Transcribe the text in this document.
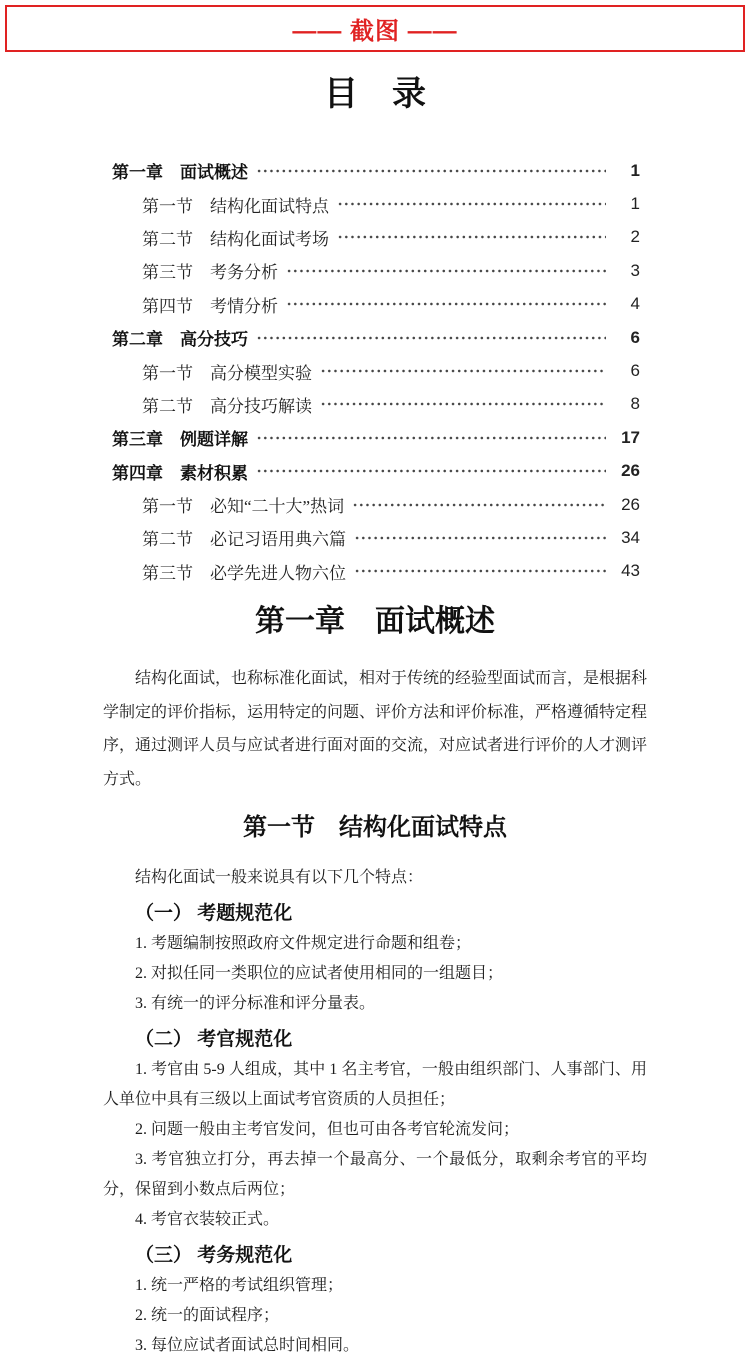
—— 截图 ——
目　录
第一章　面试概述	1
第一节　结构化面试特点	1
第二节　结构化面试考场	2
第三节　考务分析	3
第四节　考情分析	4
第二章　高分技巧	6
第一节　高分模型实验	6
第二节　高分技巧解读	8
第三章　例题详解	17
第四章　素材积累	26
第一节　必知“二十大”热词	26
第二节　必记习语用典六篇	34
第三节　必学先进人物六位	43
第一章　面试概述

结构化面试，也称标准化面试，相对于传统的经验型面试而言，是根据科学制定的评价指标，运用特定的问题、评价方法和评价标准，严格遵循特定程序，通过测评人员与应试者进行面对面的交流，对应试者进行评价的人才测评方式。

第一节　结构化面试特点

结构化面试一般来说具有以下几个特点：

（一） 考题规范化

1. 考题编制按照政府文件规定进行命题和组卷；

2. 对拟任同一类职位的应试者使用相同的一组题目；

3. 有统一的评分标准和评分量表。

（二） 考官规范化

1. 考官由 5-9 人组成，其中 1 名主考官，一般由组织部门、人事部门、用人单位中具有三级以上面试考官资质的人员担任；

2. 问题一般由主考官发问，但也可由各考官轮流发问；

3. 考官独立打分，再去掉一个最高分、一个最低分，取剩余考官的平均分，保留到小数点后两位；

4. 考官衣装较正式。

（三） 考务规范化

1. 统一严格的考试组织管理；

2. 统一的面试程序；

3. 每位应试者面试总时间相同。
